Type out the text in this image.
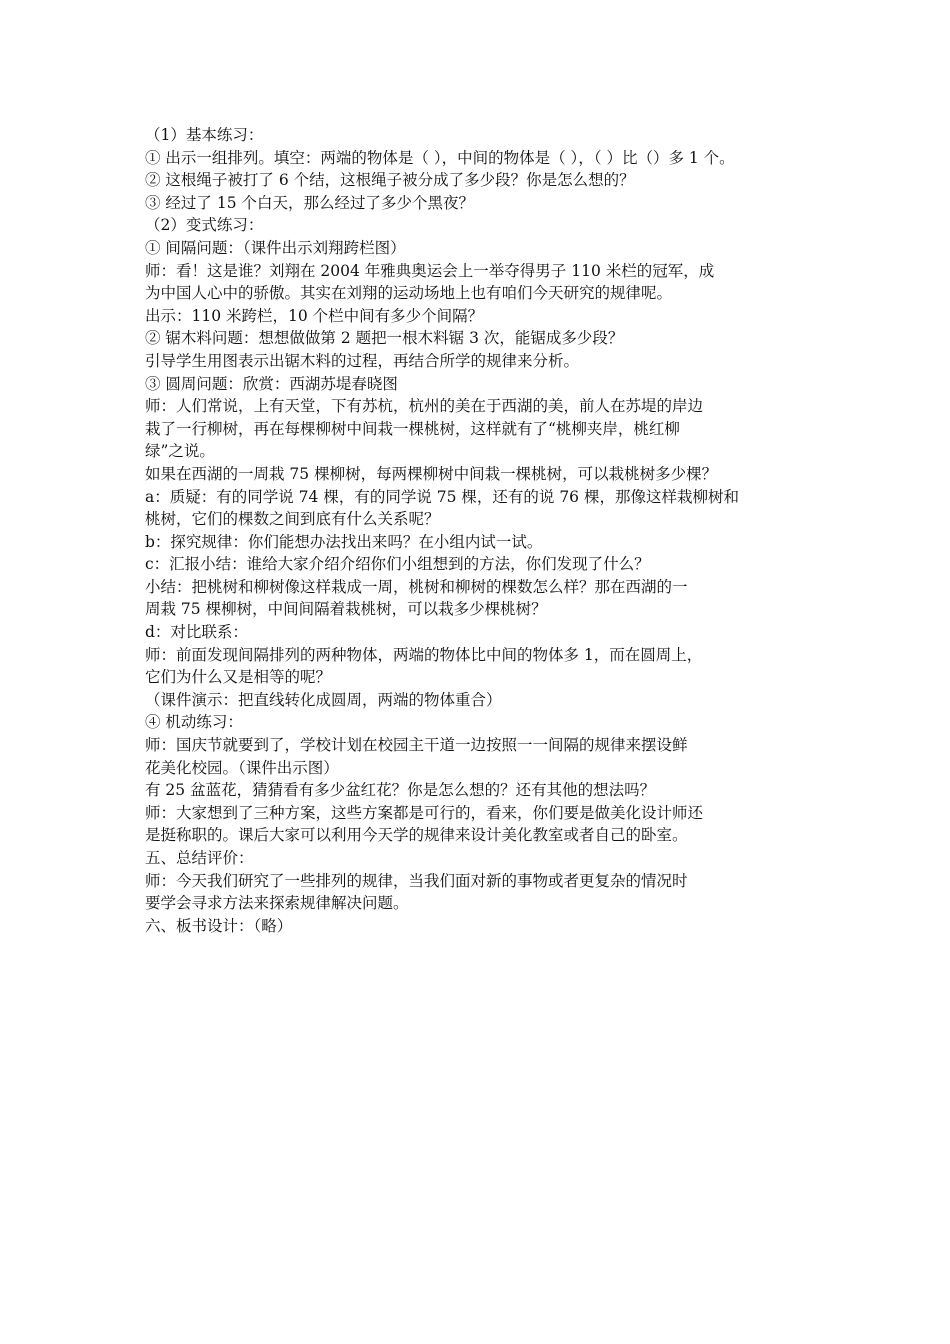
（1）基本练习：
① 出示一组排列。填空：两端的物体是（ ），中间的物体是（ ），（ ）比（）多 1 个。
② 这根绳子被打了 6 个结，这根绳子被分成了多少段？你是怎么想的？
③ 经过了 15 个白天，那么经过了多少个黑夜？
（2）变式练习：
① 间隔问题：（课件出示刘翔跨栏图）
师：看！这是谁？刘翔在 2004 年雅典奥运会上一举夺得男子 110 米栏的冠军，成
为中国人心中的骄傲。其实在刘翔的运动场地上也有咱们今天研究的规律呢。
出示：110 米跨栏，10 个栏中间有多少个间隔？
② 锯木料问题：想想做做第 2 题把一根木料锯 3 次，能锯成多少段？
引导学生用图表示出锯木料的过程，再结合所学的规律来分析。
③ 圆周问题：欣赏：西湖苏堤春晓图
师：人们常说，上有天堂，下有苏杭，杭州的美在于西湖的美，前人在苏堤的岸边
栽了一行柳树，再在每棵柳树中间栽一棵桃树，这样就有了“桃柳夹岸，桃红柳
绿”之说。
如果在西湖的一周栽 75 棵柳树，每两棵柳树中间栽一棵桃树，可以栽桃树多少棵？
a：质疑：有的同学说 74 棵，有的同学说 75 棵，还有的说 76 棵，那像这样栽柳树和
桃树，它们的棵数之间到底有什么关系呢？
b：探究规律：你们能想办法找出来吗？在小组内试一试。
c：汇报小结：谁给大家介绍介绍你们小组想到的方法，你们发现了什么？
小结：把桃树和柳树像这样栽成一周，桃树和柳树的棵数怎么样？那在西湖的一
周栽 75 棵柳树，中间间隔着栽桃树，可以栽多少棵桃树？
d：对比联系：
师：前面发现间隔排列的两种物体，两端的物体比中间的物体多 1，而在圆周上，
它们为什么又是相等的呢？
（课件演示：把直线转化成圆周，两端的物体重合）
④ 机动练习：
师：国庆节就要到了，学校计划在校园主干道一边按照一一间隔的规律来摆设鲜
花美化校园。（课件出示图）
有 25 盆蓝花，猜猜看有多少盆红花？你是怎么想的？还有其他的想法吗？
师：大家想到了三种方案，这些方案都是可行的，看来，你们要是做美化设计师还
是挺称职的。课后大家可以利用今天学的规律来设计美化教室或者自己的卧室。
五、总结评价：
师：今天我们研究了一些排列的规律，当我们面对新的事物或者更复杂的情况时
要学会寻求方法来探索规律解决问题。
六、板书设计：（略）
